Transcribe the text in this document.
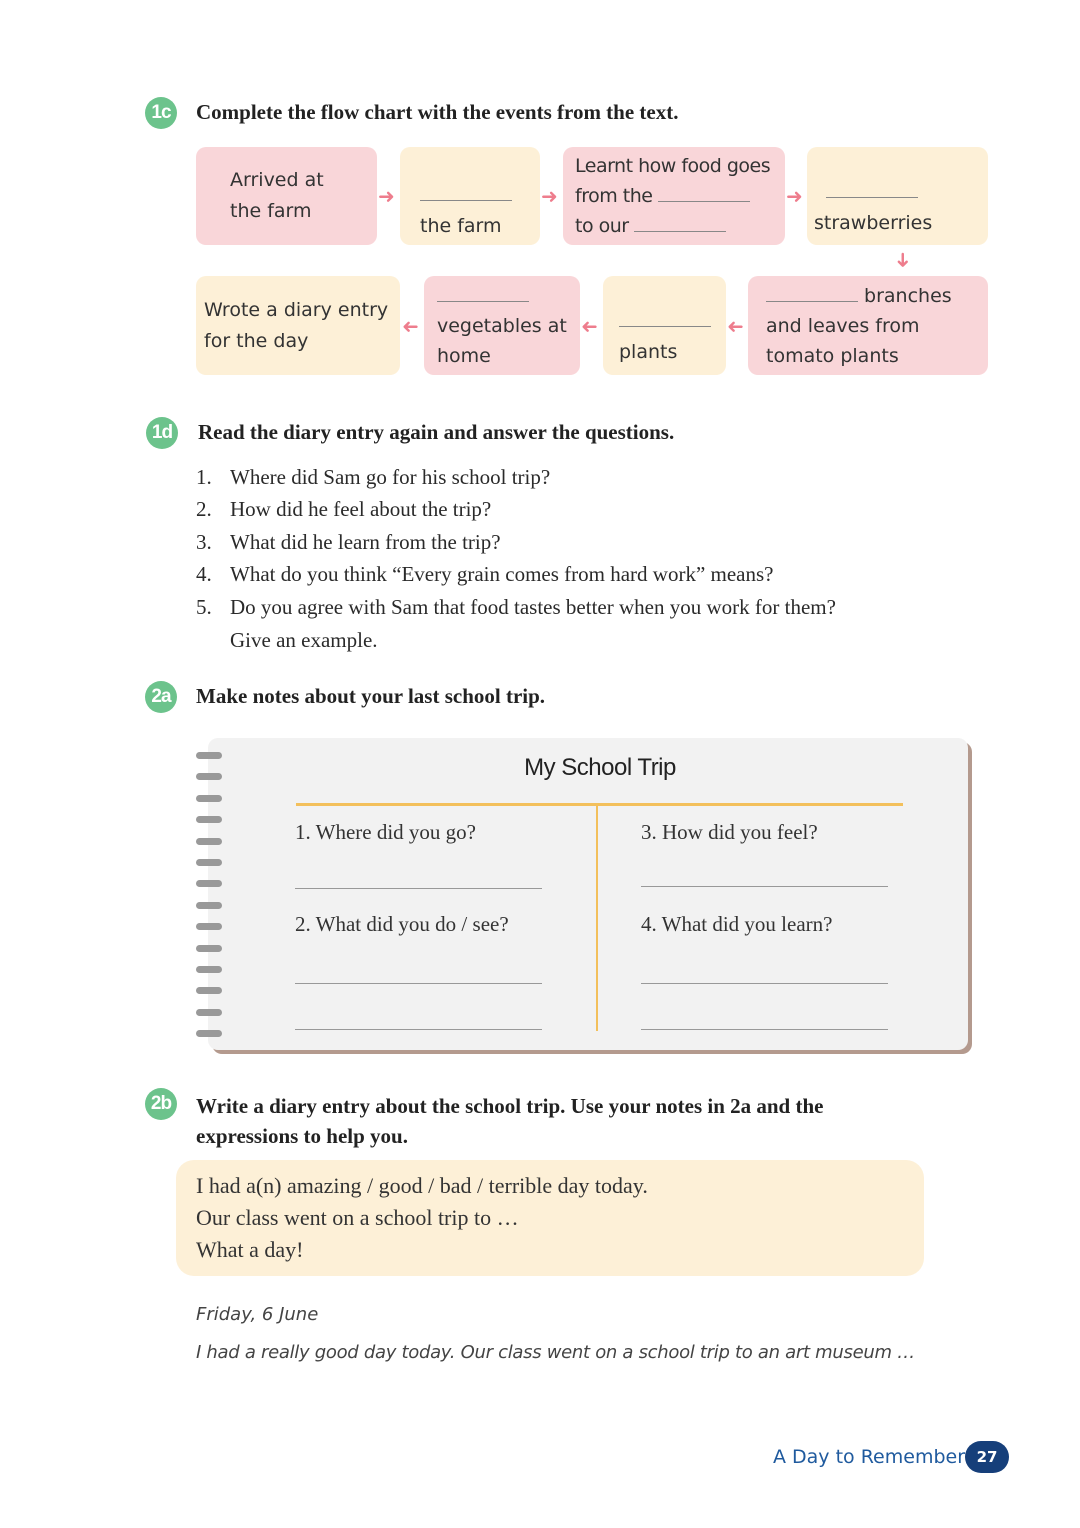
1c	Complete the flow chart with the events from the text.
Arrived at
the farm
➜
the farm
➜
Learnt how food goes
from the
to our
➜
strawberries
➜
branches
and leaves from
tomato plants
➜
plants
➜
vegetables at
home
➜
Wrote a diary entry
for the day
1d Read the diary entry again and answer the questions.
1. Where did Sam go for his school trip?
2. How did he feel about the trip?
3. What did he learn from the trip?
4. What do you think “Every grain comes from hard work” means?
5. Do you agree with Sam that food tastes better when you work for them?
Give an example.
2a	Make notes about your last school trip.
My School Trip
1. Where did you go?
2. What did you do / see?
3. How did you feel?
4. What did you learn?
2b Write a diary entry about the school trip. Use your notes in 2a and the
expressions to help you.
I had a(n) amazing / good / bad / terrible day today.
Our class went on a school trip to …
What a day!
Friday, 6 June
I had a really good day today. Our class went on a school trip to an art museum …
A Day to Remember 27
